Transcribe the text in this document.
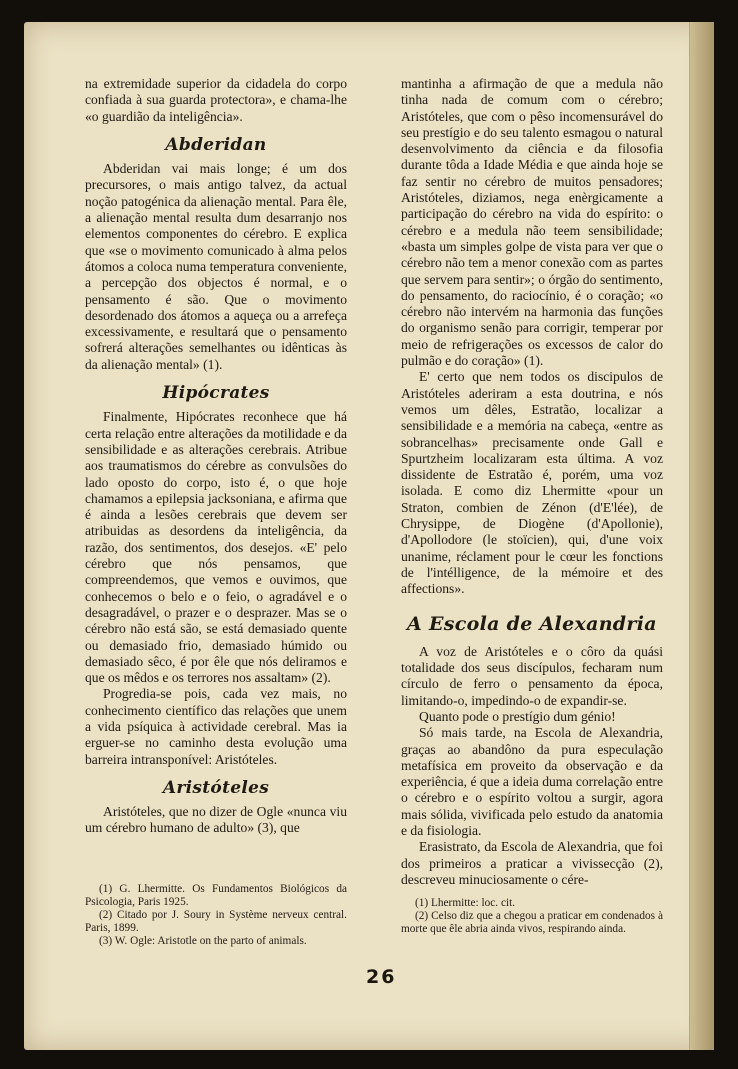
na extremidade superior da cidadela do corpo confiada à sua guarda protectora», e chama-lhe «o guardião da inteligência».

Abderidan

Abderidan vai mais longe; é um dos precursores, o mais antigo talvez, da actual noção patogénica da alienação mental. Para êle, a alienação mental resulta dum desarranjo nos elementos componentes do cérebro. E explica que «se o movimento comunicado à alma pelos átomos a coloca numa temperatura conveniente, a percepção dos objectos é normal, e o pensamento é são. Que o movimento desordenado dos átomos a aqueça ou a arrefeça excessivamente, e resultará que o pensamento sofrerá alterações semelhantes ou idênticas às da alienação mental» (1).

Hipócrates

Finalmente, Hipócrates reconhece que há certa relação entre alterações da motilidade e da sensibilidade e as alterações cerebrais. Atribue aos traumatismos do cérebre as convulsões do lado oposto do corpo, isto é, o que hoje chamamos a epilepsia jacksoniana, e afirma que é ainda a lesões cerebrais que devem ser atribuidas as desordens da inteligência, da razão, dos sentimentos, dos desejos. «E' pelo cérebro que nós pensamos, que compreendemos, que vemos e ouvimos, que conhecemos o belo e o feio, o agradável e o desagradável, o prazer e o desprazer. Mas se o cérebro não está são, se está demasiado quente ou demasiado frio, demasiado húmido ou demasiado sêco, é por êle que nós deliramos e que os mêdos e os terrores nos assaltam» (2).

Progredia-se pois, cada vez mais, no conhecimento científico das relações que unem a vida psíquica à actividade cerebral. Mas ia erguer-se no caminho desta evolução uma barreira intransponível: Aristóteles.

Aristóteles

Aristóteles, que no dizer de Ogle «nunca viu um cérebro humano de adulto» (3), que

(1) G. Lhermitte. Os Fundamentos Biológicos da Psicologia, Paris 1925.

(2) Citado por J. Soury in Système nerveux central. Paris, 1899.

(3) W. Ogle: Aristotle on the parto of animals.

mantinha a afirmação de que a medula não tinha nada de comum com o cérebro; Aristóteles, que com o pêso incomensurável do seu prestígio e do seu talento esmagou o natural desenvolvimento da ciência e da filosofia durante tôda a Idade Média e que ainda hoje se faz sentir no cérebro de muitos pensadores; Aristóteles, diziamos, nega enèrgicamente a participação do cérebro na vida do espírito: o cérebro e a medula não teem sensibilidade; «basta um simples golpe de vista para ver que o cérebro não tem a menor conexão com as partes que servem para sentir»; o órgão do sentimento, do pensamento, do raciocínio, é o coração; «o cérebro não intervém na harmonia das funções do organismo senão para corrigir, temperar por meio de refrigerações os excessos de calor do pulmão e do coração» (1).

E' certo que nem todos os discipulos de Aristóteles aderiram a esta doutrina, e nós vemos um dêles, Estratão, localizar a sensibilidade e a memória na cabeça, «entre as sobrancelhas» precisamente onde Gall e Spurtzheim localizaram esta última. A voz dissidente de Estratão é, porém, uma voz isolada. E como diz Lhermitte «pour un Straton, combien de Zénon (d'E'lée), de Chrysippe, de Diogène (d'Apollonie), d'Apollodore (le stoïcien), qui, d'une voix unanime, réclament pour le cœur les fonctions de l'intélligence, de la mémoire et des affections».

A Escola de Alexandria

A voz de Aristóteles e o côro da quási totalidade dos seus discípulos, fecharam num círculo de ferro o pensamento da época, limitando-o, impedindo-o de expandir-se.

Quanto pode o prestígio dum génio!

Só mais tarde, na Escola de Alexandria, graças ao abandôno da pura especulação metafísica em proveito da observação e da experiência, é que a ideia duma correlação entre o cérebro e o espírito voltou a surgir, agora mais sólida, vivificada pelo estudo da anatomia e da fisiologia.

Erasistrato, da Escola de Alexandria, que foi dos primeiros a praticar a vivissecção (2), descreveu minuciosamente o cére-

(1) Lhermitte: loc. cit.

(2) Celso diz que a chegou a praticar em condenados à morte que êle abria ainda vivos, respirando ainda.

26
